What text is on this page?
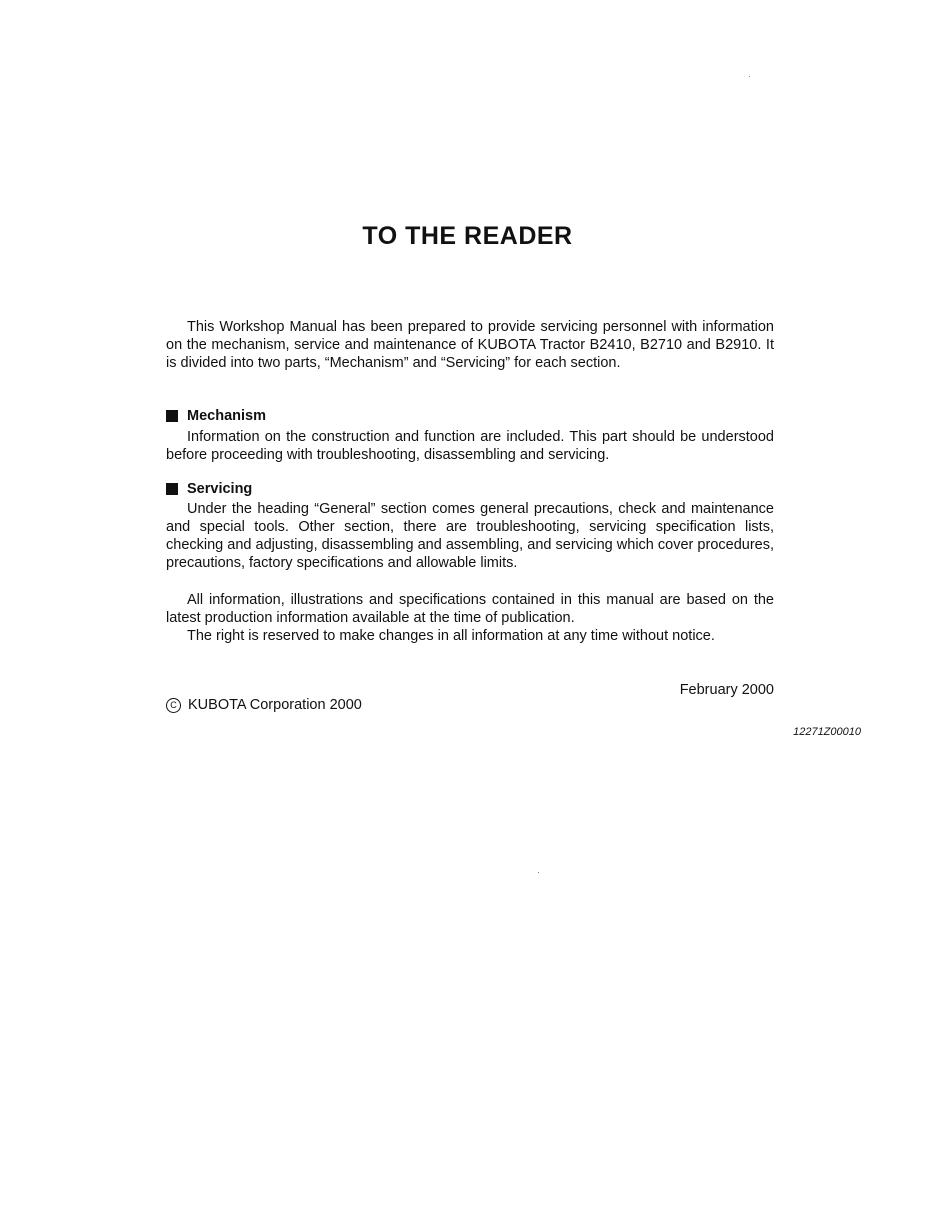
TO THE READER

This Workshop Manual has been prepared to provide servicing personnel with information on the mechanism, service and maintenance of KUBOTA Tractor B2410, B2710 and B2910. It is divided into two parts, “Mechanism” and “Servicing” for each section.

Mechanism

Information on the construction and function are included. This part should be understood before proceeding with troubleshooting, disassembling and servicing.

Servicing

Under the heading “General” section comes general precautions, check and maintenance and special tools. Other section, there are troubleshooting, servicing specification lists, checking and adjusting, disassembling and assembling, and servicing which cover procedures, precautions, factory specifications and allowable limits.

All information, illustrations and specifications contained in this manual are based on the latest production information available at the time of publication.

The right is reserved to make changes in all information at any time without notice.

February 2000
C KUBOTA Corporation 2000
12271Z00010
